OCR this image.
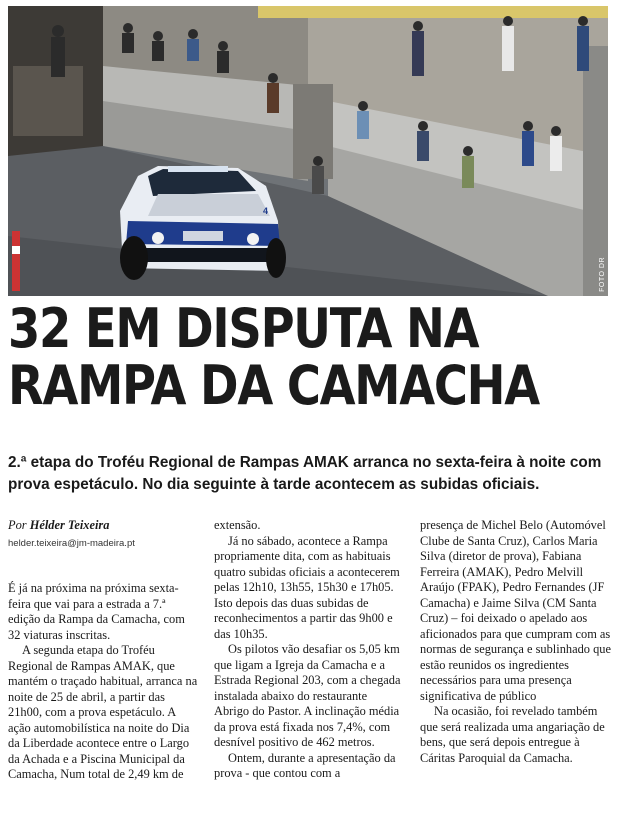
4
FOTO DR
32 EM DISPUTA NA
RAMPA DA CAMACHA

2.ª etapa do Troféu Regional de Rampas AMAK arranca no sexta-feira à noite com prova espetáculo. No dia seguinte à tarde acontecem as subidas oficiais.

Por Hélder Teixeira
helder.teixeira@jm-madeira.pt

É já na próxima na próxima sexta-feira que vai para a estrada a 7.ª edição da Rampa da Camacha, com 32 viaturas inscritas.

A segunda etapa do Troféu Regional de Rampas AMAK, que mantém o traçado habitual, arranca na noite de 25 de abril, a partir das 21h00, com a prova espetáculo. A ação automobilística na noite do Dia da Liberdade acontece entre o Largo da Achada e a Piscina Municipal da Camacha, Num total de 2,49 km de

extensão.

Já no sábado, acontece a Rampa propriamente dita, com as habituais quatro subidas oficiais a acontecerem pelas 12h10, 13h55, 15h30 e 17h05. Isto depois das duas subidas de reconhecimentos a partir das 9h00 e das 10h35.

Os pilotos vão desafiar os 5,05 km que ligam a Igreja da Camacha e a Estrada Regional 203, com a chegada instalada abaixo do restaurante Abrigo do Pastor. A inclinação média da prova está fixada nos 7,4%, com desnível positivo de 462 metros.

Ontem, durante a apresentação da prova - que contou com a

presença de Michel Belo (Automóvel Clube de Santa Cruz), Carlos Maria Silva (diretor de prova), Fabiana Ferreira (AMAK), Pedro Melvill Araújo (FPAK), Pedro Fernandes (JF Camacha) e Jaime Silva (CM Santa Cruz) – foi deixado o apelado aos aficionados para que cumpram com as normas de segurança e sublinhado que estão reunidos os ingredientes necessários para uma presença significativa de público

Na ocasião, foi revelado também que será realizada uma angariação de bens, que será depois entregue à Cáritas Paroquial da Camacha.
